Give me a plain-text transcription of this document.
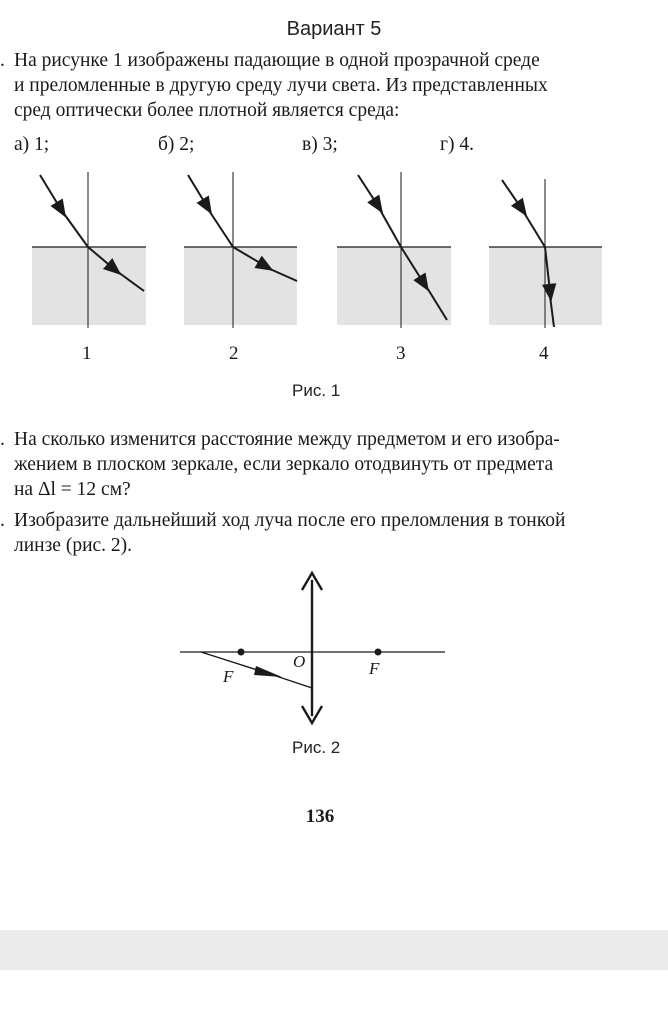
Вариант 5
. На рисунке 1 изображены падающие в одной прозрачной среде
и преломленные в другую среду лучи света. Из представленных
сред оптически более плотной является среда:
а) 1;	б) 2;	в) 3;	г) 4.
1	2	3	4
Рис. 1
. На сколько изменится расстояние между предметом и его изобра-
жением в плоском зеркале, если зеркало отодвинуть от предмета
на Δl = 12 см?
. Изобразите дальнейший ход луча после его преломления в тонкой
линзе (рис. 2).
O
F	F
Рис. 2
136
